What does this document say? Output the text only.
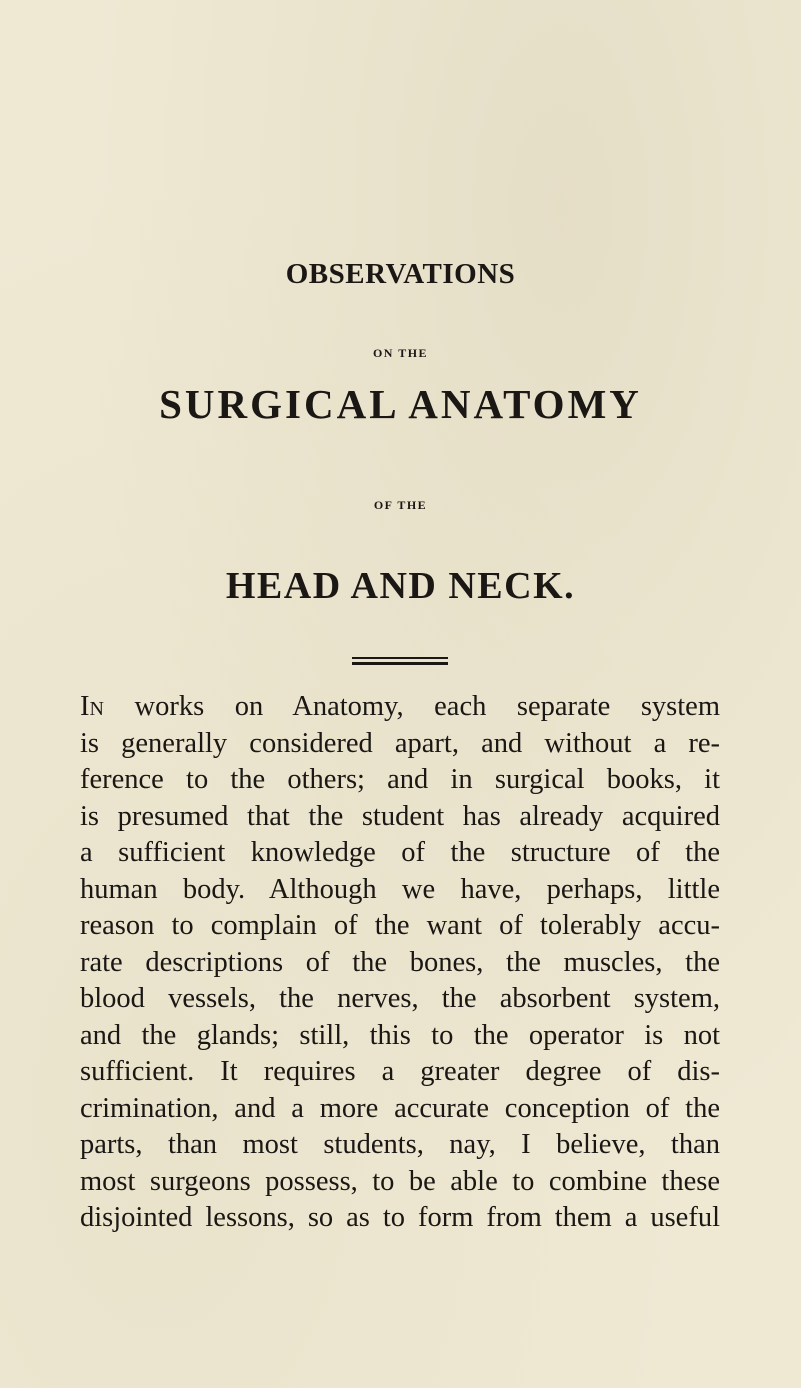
OBSERVATIONS
ON THE
SURGICAL ANATOMY
OF THE
HEAD AND NECK.
In works on Anatomy, each separate system
is generally considered apart, and without a re-
ference to the others; and in surgical books, it
is presumed that the student has already acquired
a sufficient knowledge of the structure of the
human body. Although we have, perhaps, little
reason to complain of the want of tolerably accu-
rate descriptions of the bones, the muscles, the
blood vessels, the nerves, the absorbent system,
and the glands; still, this to the operator is not
sufficient. It requires a greater degree of dis-
crimination, and a more accurate conception of the
parts, than most students, nay, I believe, than
most surgeons possess, to be able to combine these
disjointed lessons, so as to form from them a useful
